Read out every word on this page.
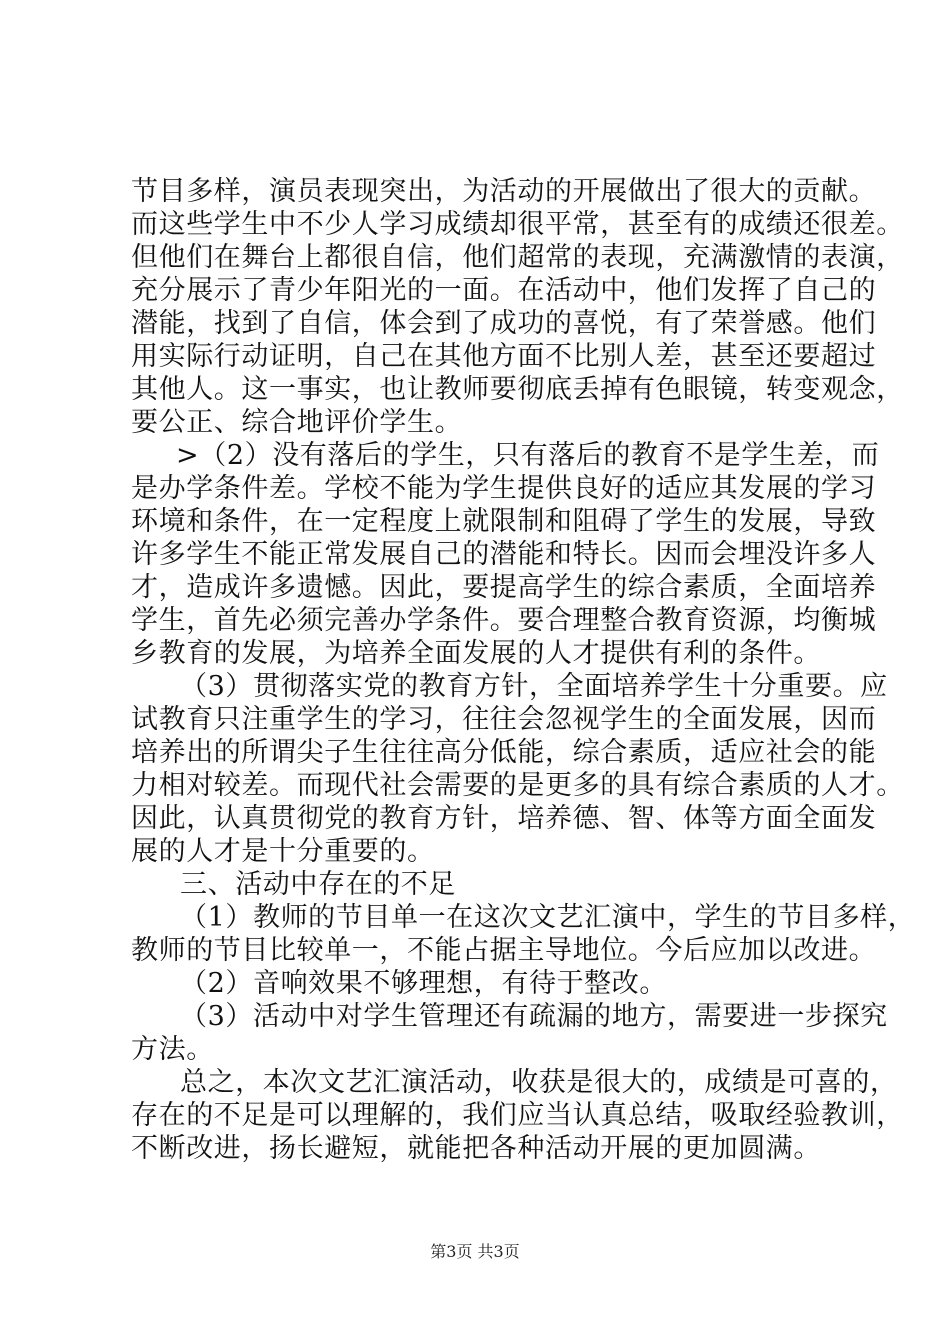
节目多样，演员表现突出，为活动的开展做出了很大的贡献。
而这些学生中不少人学习成绩却很平常，甚至有的成绩还很差。
但他们在舞台上都很自信，他们超常的表现，充满激情的表演，
充分展示了青少年阳光的一面。在活动中，他们发挥了自己的
潜能，找到了自信，体会到了成功的喜悦，有了荣誉感。他们
用实际行动证明，自己在其他方面不比别人差，甚至还要超过
其他人。这一事实，也让教师要彻底丢掉有色眼镜，转变观念，
要公正、综合地评价学生。
>（2）没有落后的学生，只有落后的教育不是学生差，而
是办学条件差。学校不能为学生提供良好的适应其发展的学习
环境和条件，在一定程度上就限制和阻碍了学生的发展，导致
许多学生不能正常发展自己的潜能和特长。因而会埋没许多人
才，造成许多遗憾。因此，要提高学生的综合素质，全面培养
学生，首先必须完善办学条件。要合理整合教育资源，均衡城
乡教育的发展，为培养全面发展的人才提供有利的条件。
（3）贯彻落实党的教育方针，全面培养学生十分重要。应
试教育只注重学生的学习，往往会忽视学生的全面发展，因而
培养出的所谓尖子生往往高分低能，综合素质，适应社会的能
力相对较差。而现代社会需要的是更多的具有综合素质的人才。
因此，认真贯彻党的教育方针，培养德、智、体等方面全面发
展的人才是十分重要的。
三、活动中存在的不足
（1）教师的节目单一在这次文艺汇演中，学生的节目多样，
教师的节目比较单一，不能占据主导地位。今后应加以改进。
（2）音响效果不够理想，有待于整改。
（3）活动中对学生管理还有疏漏的地方，需要进一步探究
方法。
总之，本次文艺汇演活动，收获是很大的，成绩是可喜的，
存在的不足是可以理解的，我们应当认真总结，吸取经验教训，
不断改进，扬长避短，就能把各种活动开展的更加圆满。
第3页 共3页
